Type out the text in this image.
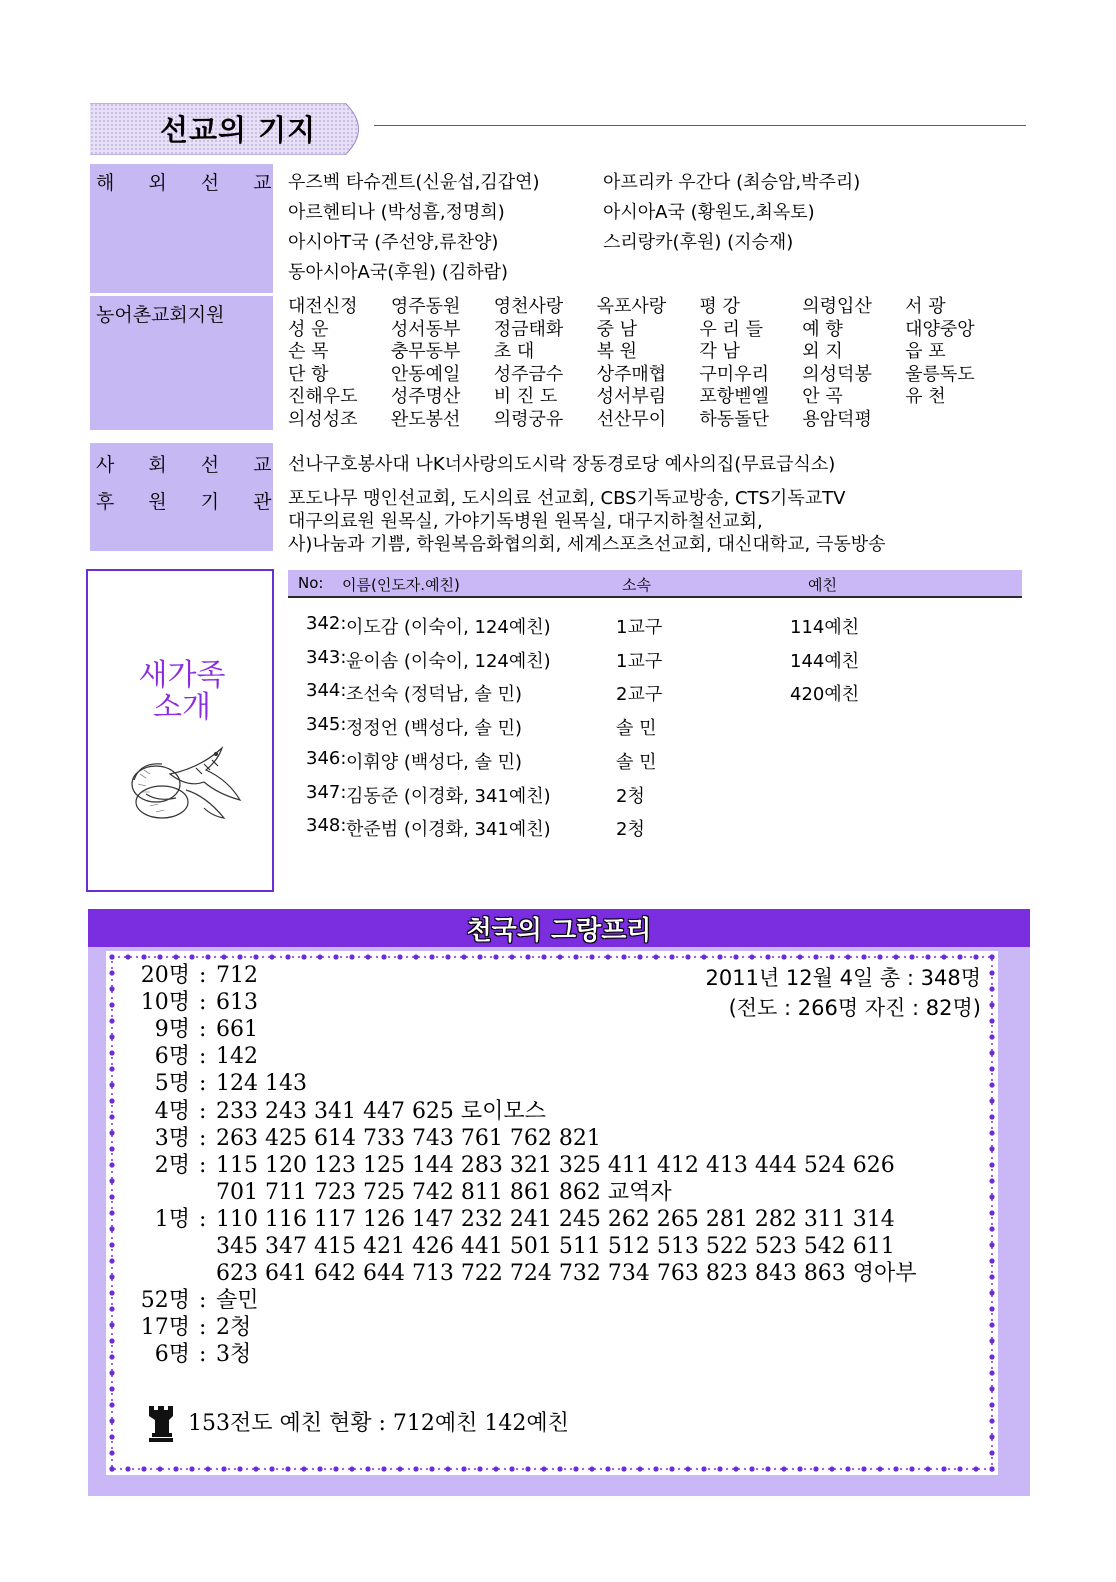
선교의 기지
해 외 선 교 우즈벡 타슈겐트(신윤섭,김갑연)	아프리카 우간다 (최승암,박주리)
아르헨티나 (박성흠,정명희)	아시아A국 (황원도,최옥토)
아시아T국 (주선양,류찬양)	스리랑카(후원) (지승재)
동아시아A국(후원) (김하람)
농어촌교회지원	대전신정	영주동원	영천사랑	옥포사랑	평 강	의령입산	서 광
성 운	성서동부	정금태화	중 남	우 리 들	예 향	대양중앙
손 목	충무동부	초 대	복 원	각 남	외 지	읍 포
단 항	안동예일	성주금수	상주매협	구미우리	의성덕봉	울릉독도
진해우도	성주명산	비 진 도	성서부림	포항벧엘	안 곡	유 천
의성성조	완도봉선	의령궁유	선산무이	하동돌단	용암덕평
사 회 선 교 선나구호봉사대 나K너사랑의도시락 장동경로당 예사의집(무료급식소)
후 원 기 관 포도나무 맹인선교회, 도시의료 선교회, CBS기독교방송, CTS기독교TV
대구의료원 원목실, 가야기독병원 원목실, 대구지하철선교회,
사)나눔과 기쁨, 학원복음화협의회, 세계스포츠선교회, 대신대학교, 극동방송
새가족
소개
No: 이름(인도자.예친)	소속	예친
342: 이도감 (이숙이, 124예친)	1교구	114예친
343: 윤이솜 (이숙이, 124예친)	1교구	144예친
344: 조선숙 (정덕남, 솔 민)	2교구	420예친
345: 정정언 (백성다, 솔 민)	솔 민
346: 이휘양 (백성다, 솔 민)	솔 민
347: 김동준 (이경화, 341예친)	2청
348: 한준범 (이경화, 341예친)	2청
천국의 그랑프리
2011년 12월 4일 총 : 348명
(전도 : 266명 자진 : 82명)
20명 : 712
10명 : 613
9명 : 661
6명 : 142
5명 : 124 143
4명 : 233 243 341 447 625 로이모스
3명 : 263 425 614 733 743 761 762 821
2명 : 115 120 123 125 144 283 321 325 411 412 413 444 524 626
701 711 723 725 742 811 861 862 교역자
1명 : 110 116 117 126 147 232 241 245 262 265 281 282 311 314
345 347 415 421 426 441 501 511 512 513 522 523 542 611
623 641 642 644 713 722 724 732 734 763 823 843 863 영아부
52명 : 솔민
17명 : 2청
6명 : 3청
153전도 예친 현황 : 712예친 142예친
